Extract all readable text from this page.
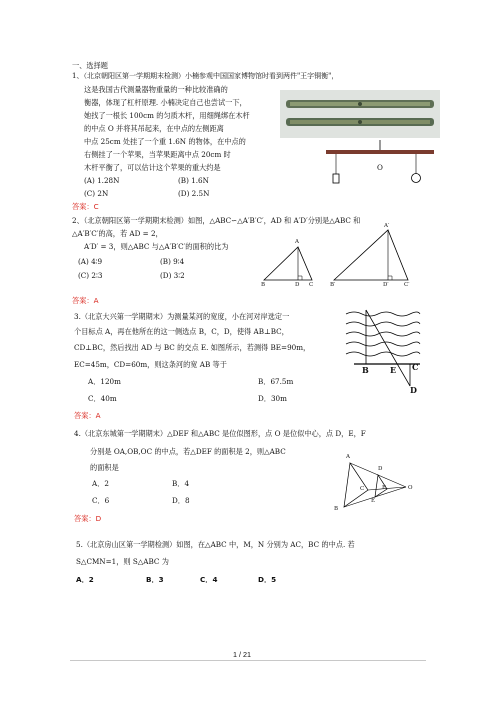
一、选择题
1、（北京朝阳区第一学期期末检测）小楠参观中国国家博物馆时看到两件"王字铜衡"，
这是我国古代测量器物重量的一种比较准确的
衡器，体现了杠杆原理. 小楠决定自己也尝试一下，
她找了一根长 100cm 的匀质木杆，用细绳绑在木杆
的中点 O 并将其吊起来，在中点的左侧距离
中点 25cm 处挂了一个重 1.6N 的物体，在中点的
右侧挂了一个苹果，当苹果距离中点 20cm 时
木杆平衡了，可以估计这个苹果的重大约是
(A) 1.28N	(B) 1.6N
(C) 2N	(D) 2.5N
答案：C
O
2、（北京朝阳区第一学期期末检测）如图，△ABC∽△A′B′C′，AD 和 A′D′分别是△ABC 和
△A′B′C′的高，若 AD = 2，
A′D′ = 3，则△ABC 与△A′B′C′的面积的比为
(A) 4∶9	(B) 9∶4
(C) 2∶3	(D) 3∶2
答案：A
A
B	D C
A′
B′	D′	C′
3.（北京大兴第一学期期末）为测量某河的宽度，小在河对岸选定一
个目标点 A，再在他所在的这一侧选点 B，C，D，使得 AB⊥BC，
CD⊥BC，然后找出 AD 与 BC 的交点 E. 如图所示，若测得 BE=90m，
EC=45m，CD=60m，则这条河的宽 AB 等于
A．120m	B．67.5m
C．40m	D．30m
答案：A
B	E C
D
4.（北京东城第一学期期末）△DEF 和△ABC 是位似图形，点 O 是位似中心，点 D，E，F
分别是 OA,OB,OC 的中点，若△DEF 的面积是 2，则△ABC
的面积是
A．2	B．4
C．6	D．8
答案：D
A
D
C	F	O
E
B
5.（北京房山区第一学期检测）如图，在△ABC 中，M，N 分别为 AC，BC 的中点. 若
S△CMN=1，则 S△ABC 为
A．2	B．3	C．4	D．5
1 / 21
